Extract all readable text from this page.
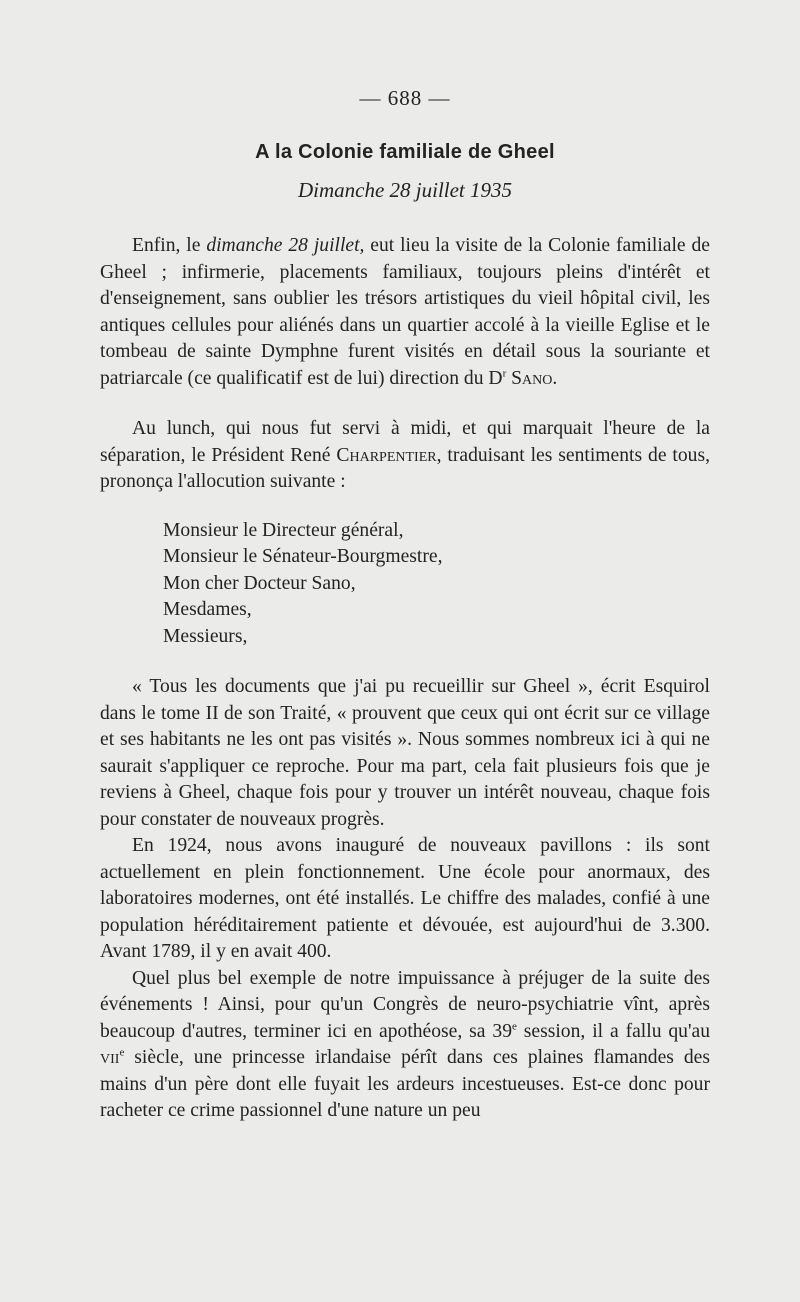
— 688 —
A la Colonie familiale de Gheel
Dimanche 28 juillet 1935

Enfin, le dimanche 28 juillet, eut lieu la visite de la Colonie familiale de Gheel ; infirmerie, placements familiaux, toujours pleins d'intérêt et d'enseignement, sans oublier les trésors artistiques du vieil hôpital civil, les antiques cellules pour aliénés dans un quartier accolé à la vieille Eglise et le tombeau de sainte Dymphne furent visités en détail sous la souriante et patriarcale (ce qualificatif est de lui) direction du $D^r$ Sano.

Au lunch, qui nous fut servi à midi, et qui marquait l'heure de la séparation, le Président René Charpentier, traduisant les sentiments de tous, prononça l'allocution suivante :

Monsieur le Directeur général,
Monsieur le Sénateur-Bourgmestre,
Mon cher Docteur Sano,
Mesdames,
Messieurs,

« Tous les documents que j'ai pu recueillir sur Gheel », écrit Esquirol dans le tome II de son Traité, « prouvent que ceux qui ont écrit sur ce village et ses habitants ne les ont pas visités ». Nous sommes nombreux ici à qui ne saurait s'appliquer ce reproche. Pour ma part, cela fait plusieurs fois que je reviens à Gheel, chaque fois pour y trouver un intérêt nouveau, chaque fois pour constater de nouveaux progrès.

En 1924, nous avons inauguré de nouveaux pavillons : ils sont actuellement en plein fonctionnement. Une école pour anormaux, des laboratoires modernes, ont été installés. Le chiffre des malades, confié à une population héréditairement patiente et dévouée, est aujourd'hui de 3.300. Avant 1789, il y en avait 400.

Quel plus bel exemple de notre impuissance à préjuger de la suite des événements ! Ainsi, pour qu'un Congrès de neuro-psychiatrie vînt, après beaucoup d'autres, terminer ici en apothéose, sa 39e session, il a fallu qu'au vii$^e$ siècle, une princesse irlandaise pérît dans ces plaines flamandes des mains d'un père dont elle fuyait les ardeurs incestueuses. Est-ce donc pour racheter ce crime passionnel d'une nature un peu
